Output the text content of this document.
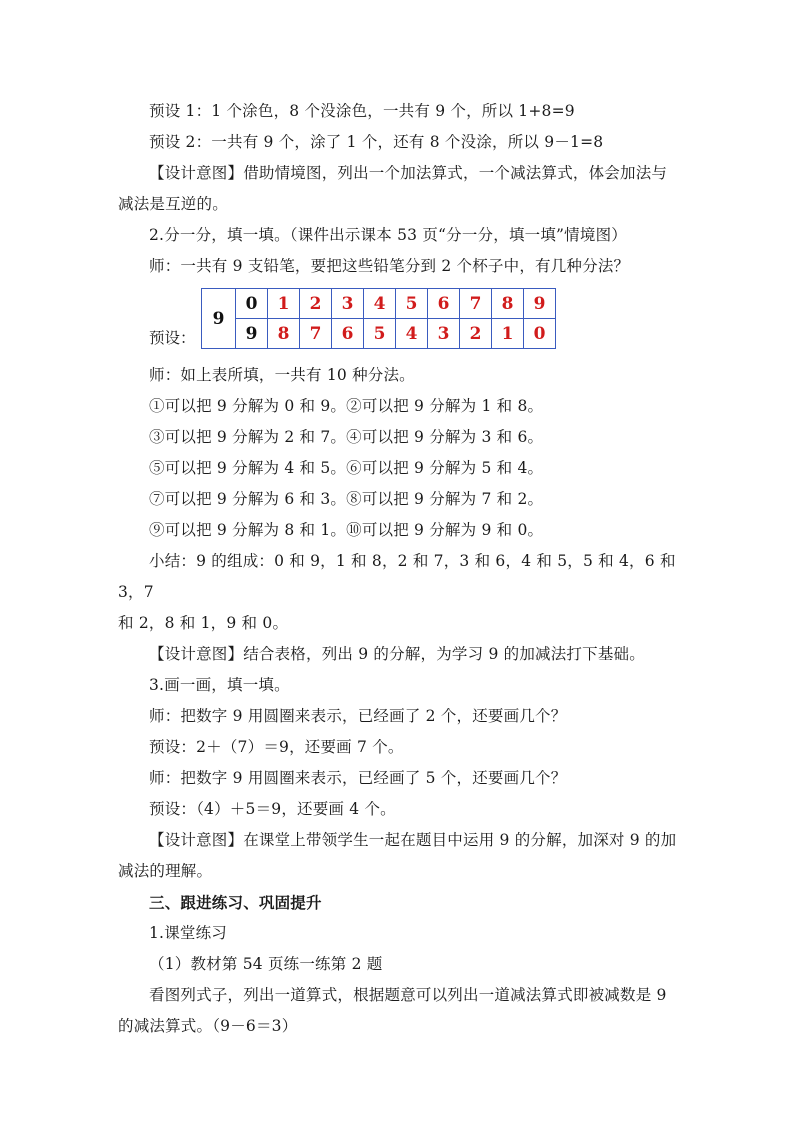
预设 1：1 个涂色，8 个没涂色，一共有 9 个，所以 1+8=9

预设 2：一共有 9 个，涂了 1 个，还有 8 个没涂，所以 9－1=8

【设计意图】借助情境图，列出一个加法算式，一个减法算式，体会加法与

减法是互逆的。

2.分一分，填一填。（课件出示课本 53 页“分一分，填一填”情境图）

师：一共有 9 支铅笔，要把这些铅笔分到 2 个杯子中，有几种分法？

预设：
9	0	1	2	3	4	5	6	7	8	9
	9	8	7	6	5	4	3	2	1	0

师：如上表所填，一共有 10 种分法。

①可以把 9 分解为 0 和 9。②可以把 9 分解为 1 和 8。

③可以把 9 分解为 2 和 7。④可以把 9 分解为 3 和 6。

⑤可以把 9 分解为 4 和 5。⑥可以把 9 分解为 5 和 4。

⑦可以把 9 分解为 6 和 3。⑧可以把 9 分解为 7 和 2。

⑨可以把 9 分解为 8 和 1。⑩可以把 9 分解为 9 和 0。

小结：9 的组成：0 和 9，1 和 8，2 和 7，3 和 6，4 和 5，5 和 4，6 和 3，7

和 2，8 和 1，9 和 0。

【设计意图】结合表格，列出 9 的分解，为学习 9 的加减法打下基础。

3.画一画，填一填。

师：把数字 9 用圆圈来表示，已经画了 2 个，还要画几个？

预设：2＋（7）＝9，还要画 7 个。

师：把数字 9 用圆圈来表示，已经画了 5 个，还要画几个？

预设：（4）＋5＝9，还要画 4 个。

【设计意图】在课堂上带领学生一起在题目中运用 9 的分解，加深对 9 的加

减法的理解。

三、跟进练习、巩固提升

1.课堂练习

（1）教材第 54 页练一练第 2 题

看图列式子，列出一道算式，根据题意可以列出一道减法算式即被减数是 9

的减法算式。（9－6＝3）
